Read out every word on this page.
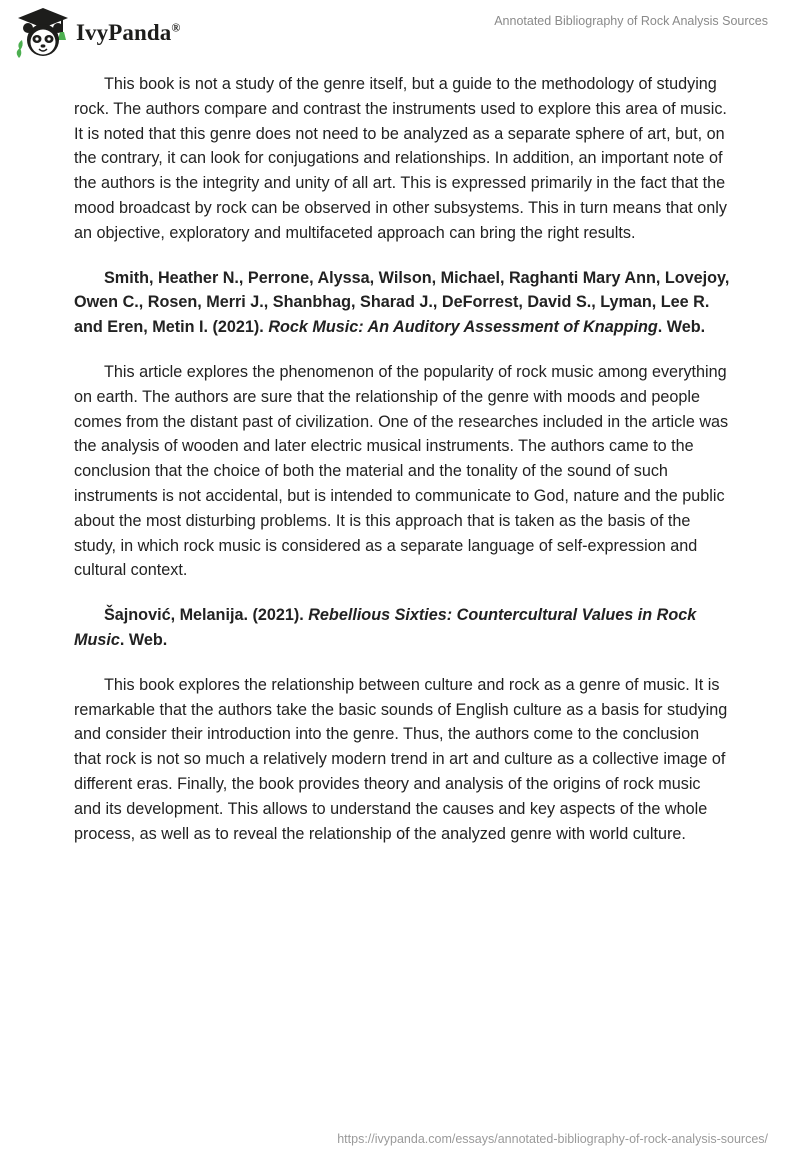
IvyPanda®	Annotated Bibliography of Rock Analysis Sources

This book is not a study of the genre itself, but a guide to the methodology of studying rock. The authors compare and contrast the instruments used to explore this area of music. It is noted that this genre does not need to be analyzed as a separate sphere of art, but, on the contrary, it can look for conjugations and relationships. In addition, an important note of the authors is the integrity and unity of all art. This is expressed primarily in the fact that the mood broadcast by rock can be observed in other subsystems. This in turn means that only an objective, exploratory and multifaceted approach can bring the right results.

Smith, Heather N., Perrone, Alyssa, Wilson, Michael, Raghanti Mary Ann, Lovejoy, Owen C., Rosen, Merri J., Shanbhag, Sharad J., DeForrest, David S., Lyman, Lee R. and Eren, Metin I. (2021). Rock Music: An Auditory Assessment of Knapping. Web.

This article explores the phenomenon of the popularity of rock music among everything on earth. The authors are sure that the relationship of the genre with moods and people comes from the distant past of civilization. One of the researches included in the article was the analysis of wooden and later electric musical instruments. The authors came to the conclusion that the choice of both the material and the tonality of the sound of such instruments is not accidental, but is intended to communicate to God, nature and the public about the most disturbing problems. It is this approach that is taken as the basis of the study, in which rock music is considered as a separate language of self-expression and cultural context.

Šajnović, Melanija. (2021). Rebellious Sixties: Countercultural Values in Rock Music. Web.

This book explores the relationship between culture and rock as a genre of music. It is remarkable that the authors take the basic sounds of English culture as a basis for studying and consider their introduction into the genre. Thus, the authors come to the conclusion that rock is not so much a relatively modern trend in art and culture as a collective image of different eras. Finally, the book provides theory and analysis of the origins of rock music and its development. This allows to understand the causes and key aspects of the whole process, as well as to reveal the relationship of the analyzed genre with world culture.

https://ivypanda.com/essays/annotated-bibliography-of-rock-analysis-sources/
